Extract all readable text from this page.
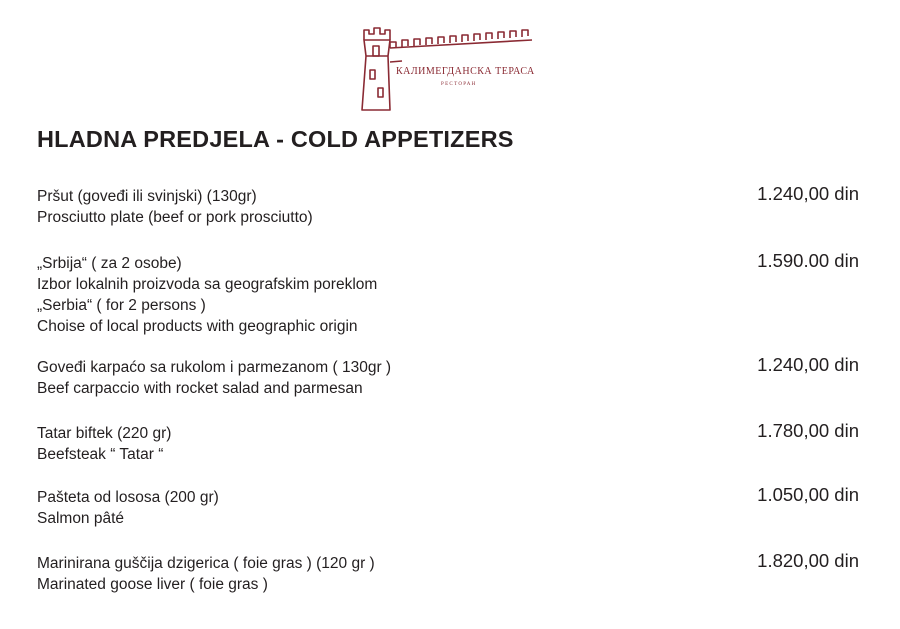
КАЛИМЕГДАНСКА ТЕРАСА
РЕСТОРАН
HLADNA PREDJELA - COLD APPETIZERS
Pršut (goveđi ili svinjski) (130gr)
Prosciutto plate (beef or pork prosciutto)
1.240,00 din
„Srbija“ ( za 2 osobe)
Izbor lokalnih proizvoda sa geografskim poreklom
„Serbia“ ( for 2 persons )
Choise of local products with geographic origin
1.590.00 din
Goveđi karpaćo sa rukolom i parmezanom ( 130gr )
Beef carpaccio with rocket salad and parmesan
1.240,00 din
Tatar biftek (220 gr)
Beefsteak “ Tatar “
1.780,00 din
Pašteta od lososa (200 gr)
Salmon pâté
1.050,00 din
Marinirana guščija dzigerica ( foie gras ) (120 gr )
Marinated goose liver ( foie gras )
1.820,00 din
